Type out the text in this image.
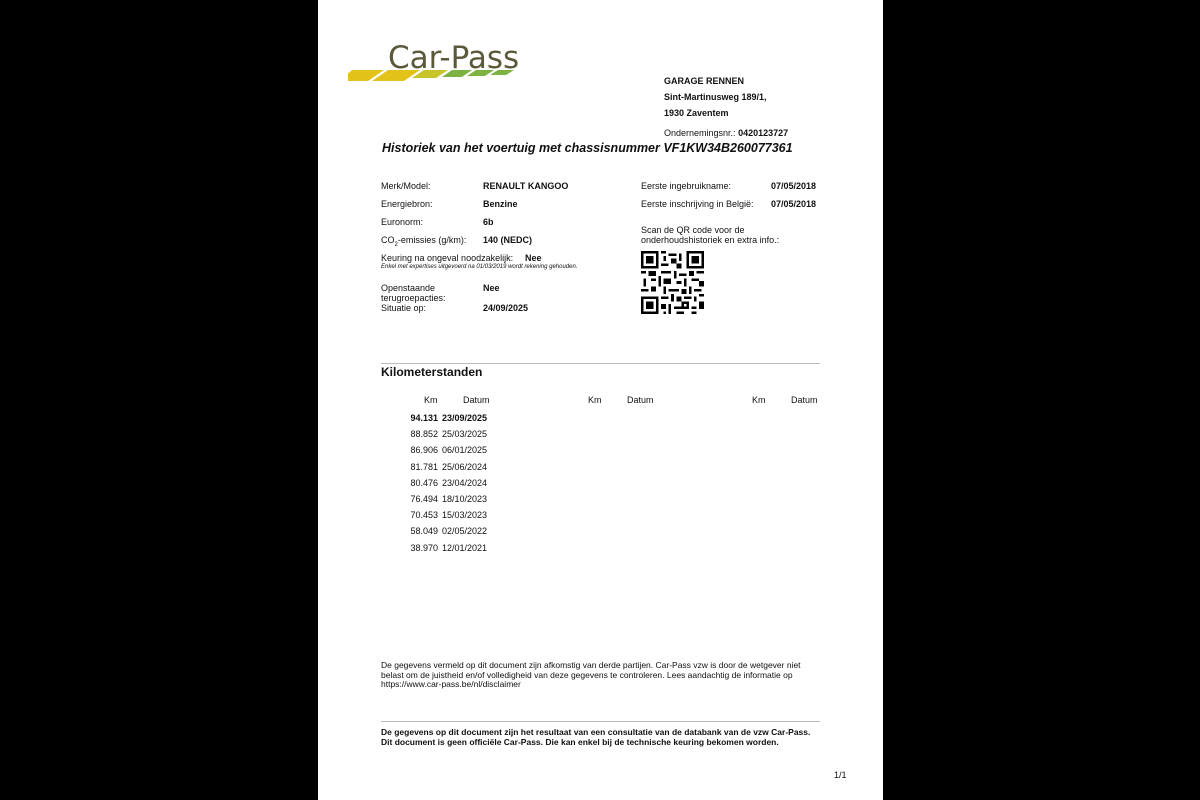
Car-Pass
GARAGE RENNEN
Sint-Martinusweg 189/1,
1930 Zaventem
Ondernemingsnr.: 0420123727
Historiek van het voertuig met chassisnummer VF1KW34B260077361
Merk/Model:	RENAULT KANGOO
Energiebron:	Benzine
Euronorm:	6b
$CO_2$-emissies (g/km): 140 (NEDC)
Keuring na ongeval noodzakelijk: Nee
Enkel met expertises uitgevoerd na 01/03/2019 wordt rekening gehouden.
Openstaande
terugroepacties:
Nee
Situatie op:	24/09/2025
Eerste ingebruikname:	07/05/2018
Eerste inschrijving in België: 07/05/2018
Scan de QR code voor de
onderhoudshistoriek en extra info.:
Kilometerstanden
Km	Datum	Km	Datum	Km	Datum
94.131 23/09/2025
88.852 25/03/2025
86.906 06/01/2025
81.781 25/06/2024
80.476 23/04/2024
76.494 18/10/2023
70.453 15/03/2023
58.049 02/05/2022
38.970 12/01/2021
De gegevens vermeld op dit document zijn afkomstig van derde partijen. Car-Pass vzw is door de wetgever niet belast om de juistheid en/of volledigheid van deze gegevens te controleren. Lees aandachtig de informatie op https://www.car-pass.be/nl/disclaimer
De gegevens op dit document zijn het resultaat van een consultatie van de databank van de vzw Car-Pass. Dit document is geen officiële Car-Pass. Die kan enkel bij de technische keuring bekomen worden.
1/1
